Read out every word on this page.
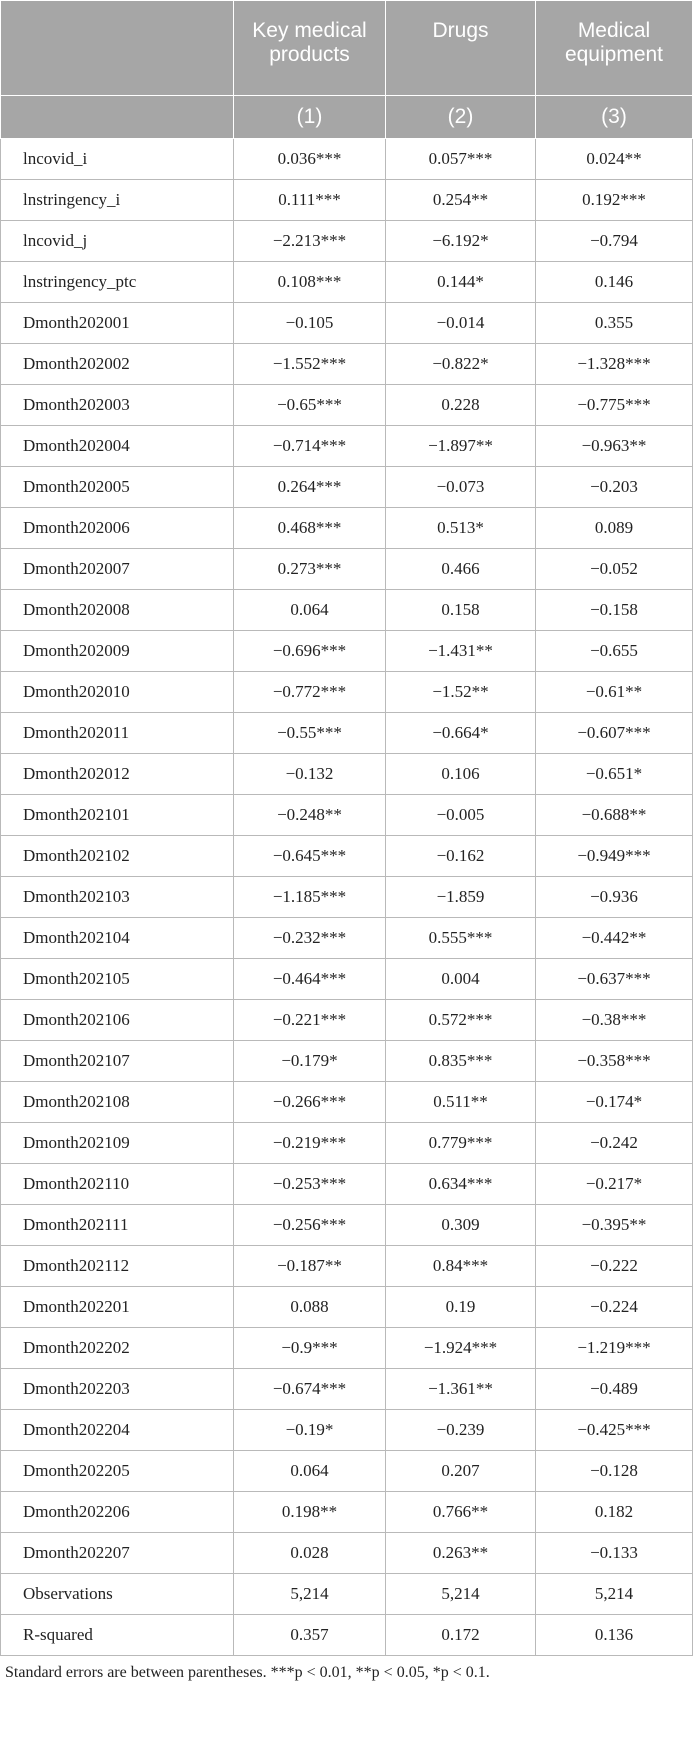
	Key medical products	Drugs	Medical equipment
	(1)	(2)	(3)
lncovid_i	0.036***	0.057***	0.024**
lnstringency_i	0.111***	0.254**	0.192***
lncovid_j	−2.213***	−6.192*	−0.794
lnstringency_ptc	0.108***	0.144*	0.146
Dmonth202001	−0.105	−0.014	0.355
Dmonth202002	−1.552***	−0.822*	−1.328***
Dmonth202003	−0.65***	0.228	−0.775***
Dmonth202004	−0.714***	−1.897**	−0.963**
Dmonth202005	0.264***	−0.073	−0.203
Dmonth202006	0.468***	0.513*	0.089
Dmonth202007	0.273***	0.466	−0.052
Dmonth202008	0.064	0.158	−0.158
Dmonth202009	−0.696***	−1.431**	−0.655
Dmonth202010	−0.772***	−1.52**	−0.61**
Dmonth202011	−0.55***	−0.664*	−0.607***
Dmonth202012	−0.132	0.106	−0.651*
Dmonth202101	−0.248**	−0.005	−0.688**
Dmonth202102	−0.645***	−0.162	−0.949***
Dmonth202103	−1.185***	−1.859	−0.936
Dmonth202104	−0.232***	0.555***	−0.442**
Dmonth202105	−0.464***	0.004	−0.637***
Dmonth202106	−0.221***	0.572***	−0.38***
Dmonth202107	−0.179*	0.835***	−0.358***
Dmonth202108	−0.266***	0.511**	−0.174*
Dmonth202109	−0.219***	0.779***	−0.242
Dmonth202110	−0.253***	0.634***	−0.217*
Dmonth202111	−0.256***	0.309	−0.395**
Dmonth202112	−0.187**	0.84***	−0.222
Dmonth202201	0.088	0.19	−0.224
Dmonth202202	−0.9***	−1.924***	−1.219***
Dmonth202203	−0.674***	−1.361**	−0.489
Dmonth202204	−0.19*	−0.239	−0.425***
Dmonth202205	0.064	0.207	−0.128
Dmonth202206	0.198**	0.766**	0.182
Dmonth202207	0.028	0.263**	−0.133
Observations	5,214	5,214	5,214
R-squared	0.357	0.172	0.136
Standard errors are between parentheses. ***p < 0.01, **p < 0.05, *p < 0.1.
